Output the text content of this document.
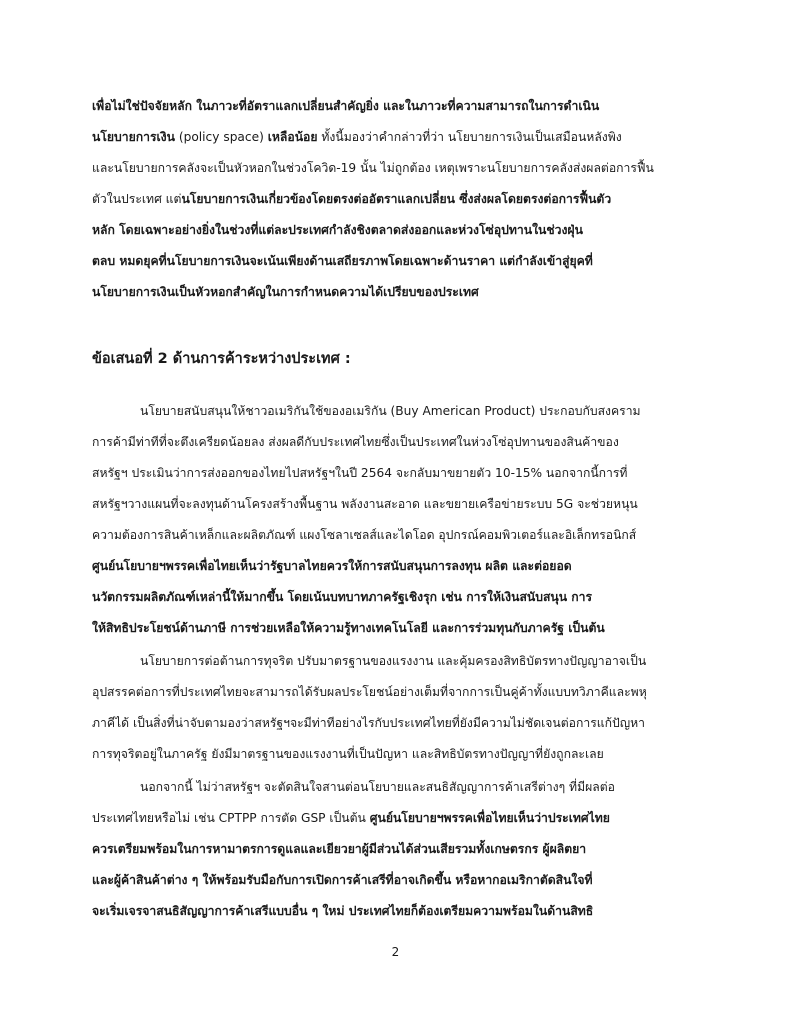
เพื่อไม่ใช่ปัจจัยหลัก ในภาวะที่อัตราแลกเปลี่ยนสำคัญยิ่ง และในภาวะที่ความสามารถในการดำเนิน
นโยบายการเงิน (policy space) เหลือน้อย ทั้งนี้มองว่าคำกล่าวที่ว่า นโยบายการเงินเป็นเสมือนหลังพิง
และนโยบายการคลังจะเป็นหัวหอกในช่วงโควิด-19 นั้น ไม่ถูกต้อง เหตุเพราะนโยบายการคลังส่งผลต่อการฟื้น
ตัวในประเทศ แต่นโยบายการเงินเกี่ยวข้องโดยตรงต่ออัตราแลกเปลี่ยน ซึ่งส่งผลโดยตรงต่อการฟื้นตัว
หลัก โดยเฉพาะอย่างยิ่งในช่วงที่แต่ละประเทศกำลังชิงตลาดส่งออกและห่วงโซ่อุปทานในช่วงฝุ่น
ตลบ หมดยุคที่นโยบายการเงินจะเน้นเพียงด้านเสถียรภาพโดยเฉพาะด้านราคา แต่กำลังเข้าสู่ยุคที่
นโยบายการเงินเป็นหัวหอกสำคัญในการกำหนดความได้เปรียบของประเทศ
ข้อเสนอที่ 2 ด้านการค้าระหว่างประเทศ :
นโยบายสนับสนุนให้ชาวอเมริกันใช้ของอเมริกัน (Buy American Product) ประกอบกับสงคราม
การค้ามีท่าทีที่จะตึงเครียดน้อยลง ส่งผลดีกับประเทศไทยซึ่งเป็นประเทศในห่วงโซ่อุปทานของสินค้าของ
สหรัฐฯ ประเมินว่าการส่งออกของไทยไปสหรัฐฯในปี 2564 จะกลับมาขยายตัว 10-15% นอกจากนี้การที่
สหรัฐฯวางแผนที่จะลงทุนด้านโครงสร้างพื้นฐาน พลังงานสะอาด และขยายเครือข่ายระบบ 5G จะช่วยหนุน
ความต้องการสินค้าเหล็กและผลิตภัณฑ์ แผงโซลาเซลส์และไดโอด อุปกรณ์คอมพิวเตอร์และอิเล็กทรอนิกส์
ศูนย์นโยบายฯพรรคเพื่อไทยเห็นว่ารัฐบาลไทยควรให้การสนับสนุนการลงทุน ผลิต และต่อยอด
นวัตกรรมผลิตภัณฑ์เหล่านี้ให้มากขึ้น โดยเน้นบทบาทภาครัฐเชิงรุก เช่น การให้เงินสนับสนุน การ
ให้สิทธิประโยชน์ด้านภาษี การช่วยเหลือให้ความรู้ทางเทคโนโลยี และการร่วมทุนกับภาครัฐ เป็นต้น
นโยบายการต่อต้านการทุจริต ปรับมาตรฐานของแรงงาน และคุ้มครองสิทธิบัตรทางปัญญาอาจเป็น
อุปสรรคต่อการที่ประเทศไทยจะสามารถได้รับผลประโยชน์อย่างเต็มที่จากการเป็นคู่ค้าทั้งแบบทวิภาคีและพหุ
ภาคีได้ เป็นสิ่งที่น่าจับตามองว่าสหรัฐฯจะมีท่าทีอย่างไรกับประเทศไทยที่ยังมีความไม่ชัดเจนต่อการแก้ปัญหา
การทุจริตอยู่ในภาครัฐ ยังมีมาตรฐานของแรงงานที่เป็นปัญหา และสิทธิบัตรทางปัญญาที่ยังถูกละเลย
นอกจากนี้ ไม่ว่าสหรัฐฯ จะตัดสินใจสานต่อนโยบายและสนธิสัญญาการค้าเสรีต่างๆ ที่มีผลต่อ
ประเทศไทยหรือไม่ เช่น CPTPP การตัด GSP เป็นต้น ศูนย์นโยบายฯพรรคเพื่อไทยเห็นว่าประเทศไทย
ควรเตรียมพร้อมในการหามาตรการดูแลและเยียวยาผู้มีส่วนได้ส่วนเสียรวมทั้งเกษตรกร ผู้ผลิตยา
และผู้ค้าสินค้าต่าง ๆ ให้พร้อมรับมือกับการเปิดการค้าเสรีที่อาจเกิดขึ้น หรือหากอเมริกาตัดสินใจที่
จะเริ่มเจรจาสนธิสัญญาการค้าเสรีแบบอื่น ๆ ใหม่ ประเทศไทยก็ต้องเตรียมความพร้อมในด้านสิทธิ
2
